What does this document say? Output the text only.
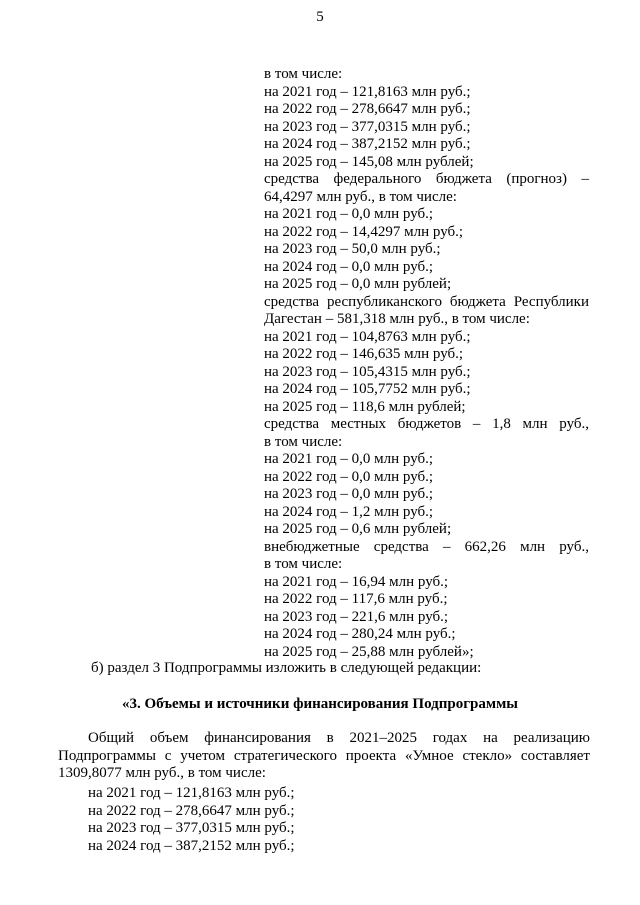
5
в том числе:
на 2021 год – 121,8163 млн руб.;
на 2022 год – 278,6647 млн руб.;
на 2023 год – 377,0315 млн руб.;
на 2024 год – 387,2152 млн руб.;
на 2025 год – 145,08 млн рублей;
средства федерального бюджета (прогноз) –
64,4297 млн руб., в том числе:
на 2021 год – 0,0 млн руб.;
на 2022 год – 14,4297 млн руб.;
на 2023 год – 50,0 млн руб.;
на 2024 год – 0,0 млн руб.;
на 2025 год – 0,0 млн рублей;
средства республиканского бюджета Республики
Дагестан – 581,318 млн руб., в том числе:
на 2021 год – 104,8763 млн руб.;
на 2022 год – 146,635 млн руб.;
на 2023 год – 105,4315 млн руб.;
на 2024 год – 105,7752 млн руб.;
на 2025 год – 118,6 млн рублей;
средства местных бюджетов – 1,8 млн руб.,
в том числе:
на 2021 год – 0,0 млн руб.;
на 2022 год – 0,0 млн руб.;
на 2023 год – 0,0 млн руб.;
на 2024 год – 1,2 млн руб.;
на 2025 год – 0,6 млн рублей;
внебюджетные средства – 662,26 млн руб.,
в том числе:
на 2021 год – 16,94 млн руб.;
на 2022 год – 117,6 млн руб.;
на 2023 год – 221,6 млн руб.;
на 2024 год – 280,24 млн руб.;
на 2025 год – 25,88 млн рублей»;
б) раздел 3 Подпрограммы изложить в следующей редакции:
«3. Объемы и источники финансирования Подпрограммы
Общий объем финансирования в 2021–2025 годах на реализацию
Подпрограммы с учетом стратегического проекта «Умное стекло» составляет
1309,8077 млн руб., в том числе:
на 2021 год – 121,8163 млн руб.;
на 2022 год – 278,6647 млн руб.;
на 2023 год – 377,0315 млн руб.;
на 2024 год – 387,2152 млн руб.;
